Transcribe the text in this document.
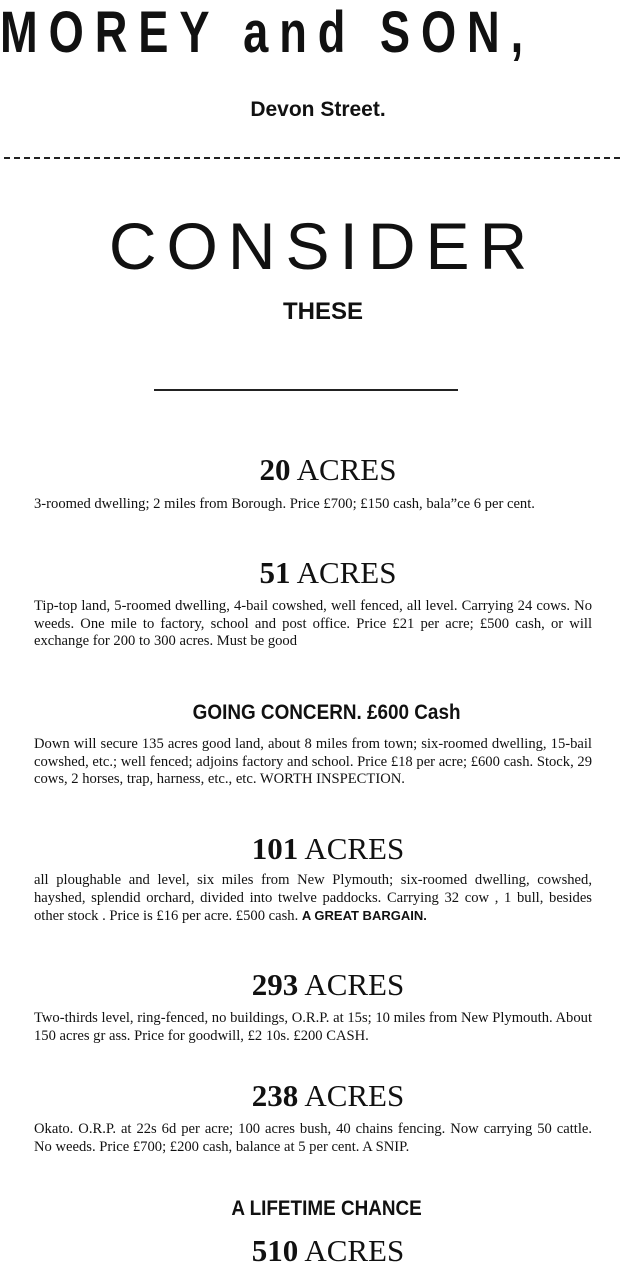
MOREY and SON,
Devon Street.
CONSIDER
THESE
20 ACRES
3-roomed dwelling; 2 miles from Borough. Price £700; £150 cash, bala”ce 6 per cent.
51 ACRES
Tip-top land, 5-roomed dwelling, 4-bail cowshed, well fenced, all level. Carrying 24 cows. No weeds. One mile to factory, school and post office. Price £21 per acre; £500 cash, or will exchange for 200 to 300 acres. Must be good
GOING CONCERN. £600 Cash
Down will secure 135 acres good land, about 8 miles from town; six-roomed dwelling, 15-bail cowshed, etc.; well fenced; adjoins factory and school. Price £18 per acre; £600 cash. Stock, 29 cows, 2 horses, trap, harness, etc., etc. WORTH INSPECTION.
101 ACRES
all ploughable and level, six miles from New Plymouth; six-roomed dwelling, cowshed, hayshed, splendid orchard, divided into twelve paddocks. Carrying 32 cow , 1 bull, besides other stock . Price is £16 per acre. £500 cash. A GREAT BARGAIN.
293 ACRES
Two-thirds level, ring-fenced, no buildings, O.R.P. at 15s; 10 miles from New Plymouth. About 150 acres gr ass. Price for goodwill, £2 10s. £200 CASH.
238 ACRES
Okato. O.R.P. at 22s 6d per acre; 100 acres bush, 40 chains fencing. Now carrying 50 cattle. No weeds. Price £700; £200 cash, balance at 5 per cent. A SNIP.
A LIFETIME CHANCE
510 ACRES
